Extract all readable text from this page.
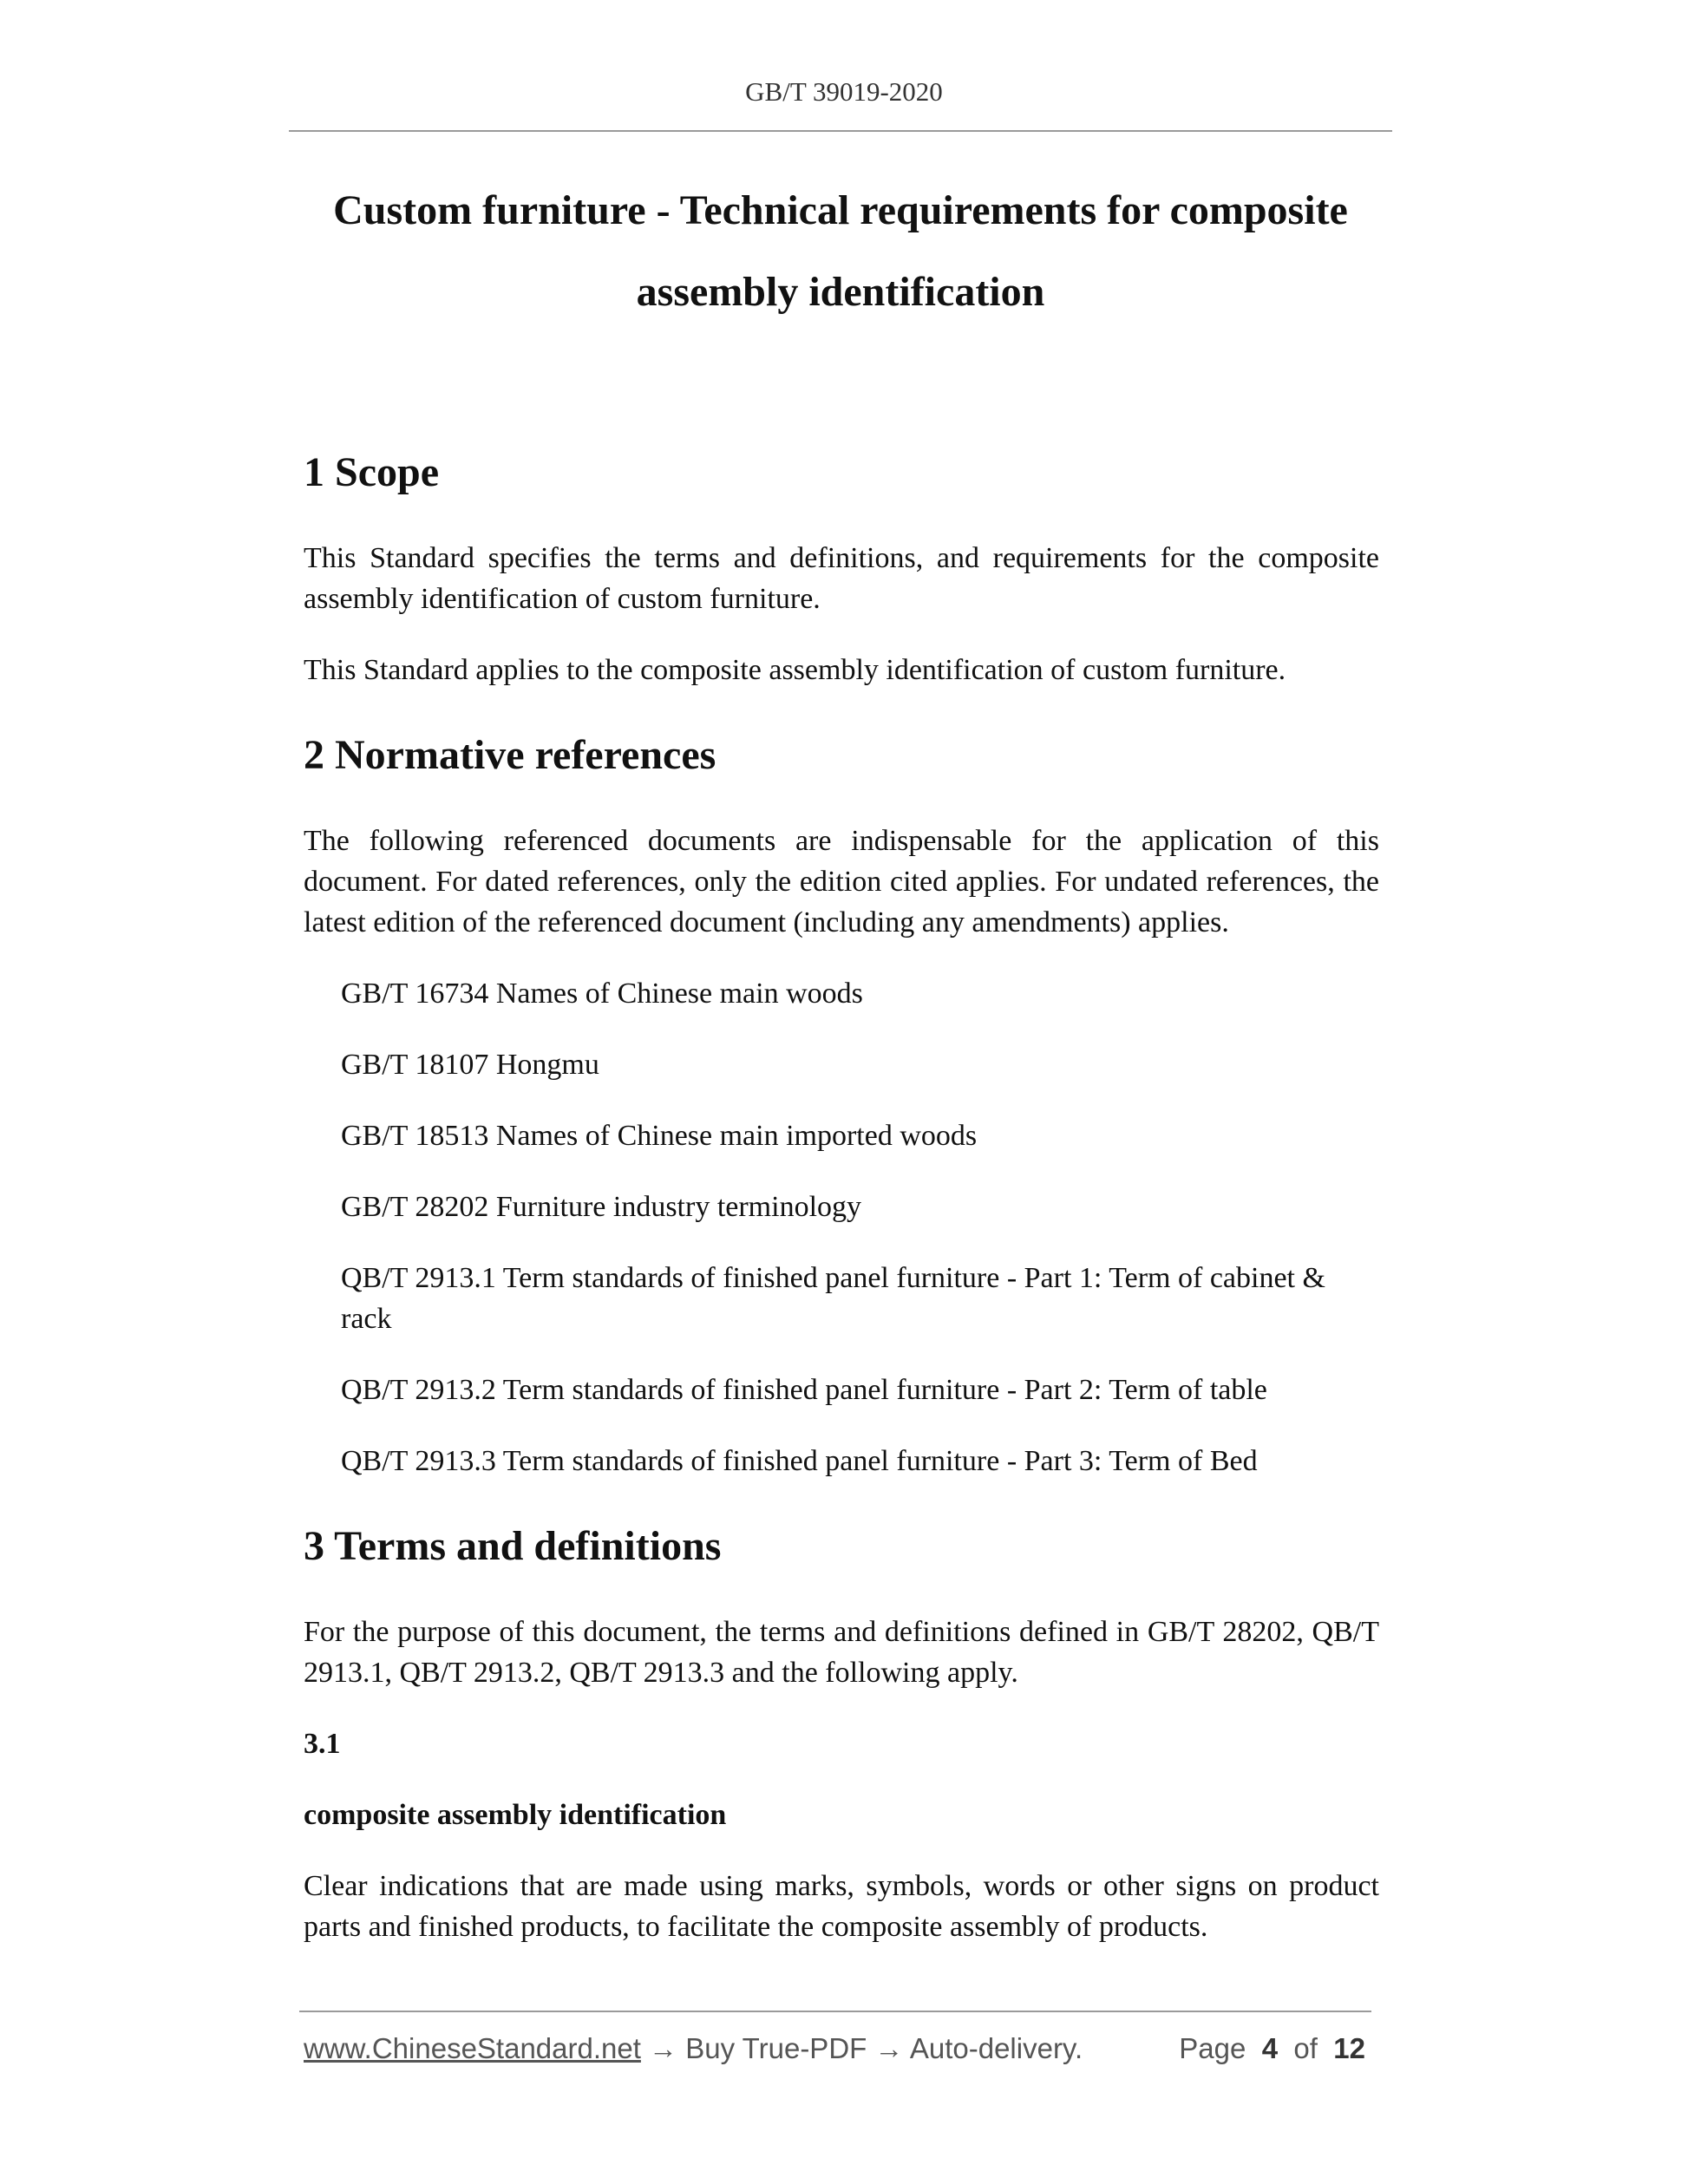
GB/T 39019-2020
Custom furniture - Technical requirements for composite
assembly identification
1 Scope

This Standard specifies the terms and definitions, and requirements for the composite assembly identification of custom furniture.

This Standard applies to the composite assembly identification of custom furniture.

2 Normative references

The following referenced documents are indispensable for the application of this document. For dated references, only the edition cited applies. For undated references, the latest edition of the referenced document (including any amendments) applies.

GB/T 16734 Names of Chinese main woods

GB/T 18107 Hongmu

GB/T 18513 Names of Chinese main imported woods

GB/T 28202 Furniture industry terminology

QB/T 2913.1 Term standards of finished panel furniture - Part 1: Term of cabinet & rack

QB/T 2913.2 Term standards of finished panel furniture - Part 2: Term of table

QB/T 2913.3 Term standards of finished panel furniture - Part 3: Term of Bed

3 Terms and definitions

For the purpose of this document, the terms and definitions defined in GB/T 28202, QB/T 2913.1, QB/T 2913.2, QB/T 2913.3 and the following apply.

3.1

composite assembly identification

Clear indications that are made using marks, symbols, words or other signs on product parts and finished products, to facilitate the composite assembly of products.

www.ChineseStandard.net → Buy True-PDF → Auto-delivery.	Page 4 of 12
